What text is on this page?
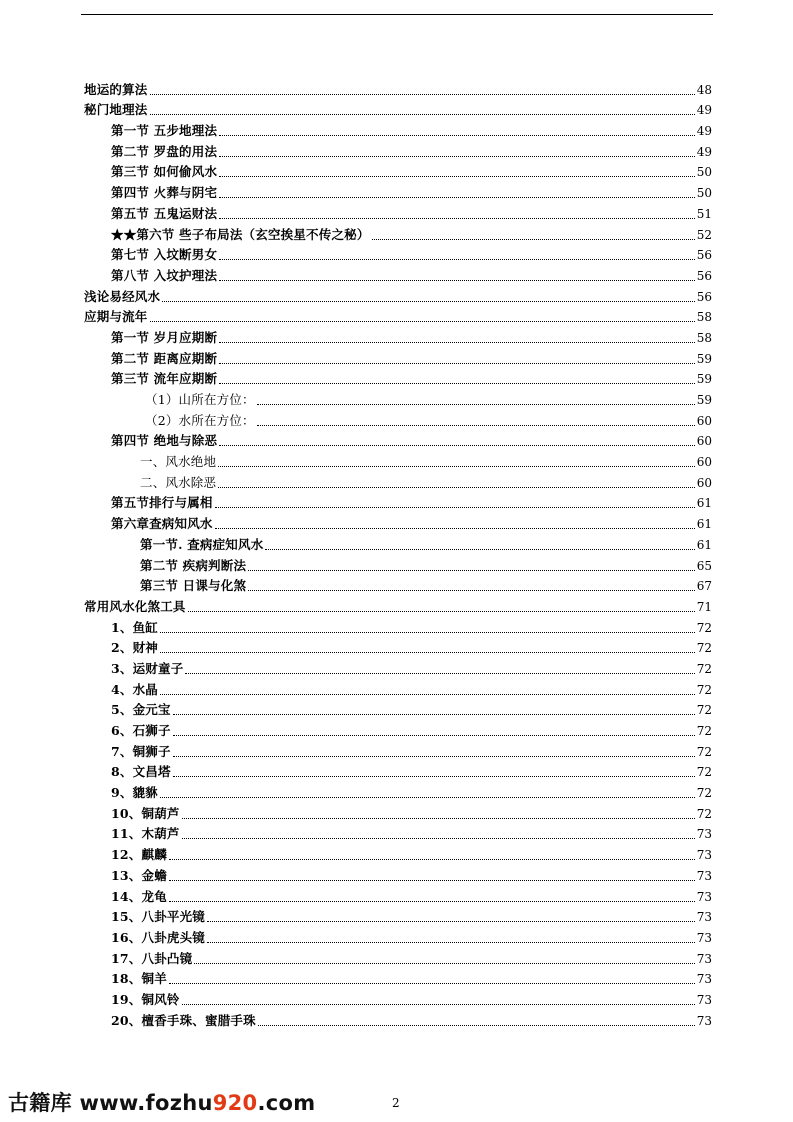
地运的算法	48
秘门地理法	49
第一节 五步地理法	49
第二节 罗盘的用法	49
第三节 如何偷风水	50
第四节 火葬与阴宅	50
第五节 五鬼运财法	51
★★第六节 些子布局法（玄空挨星不传之秘）	52
第七节 入坟断男女	56
第八节 入坟护理法	56
浅论易经风水	56
应期与流年	58
第一节 岁月应期断	58
第二节 距离应期断	59
第三节 流年应期断	59
（1）山所在方位：	59
（2）水所在方位：	60
第四节 绝地与除恶	60
一、风水绝地	60
二、风水除恶	60
第五节排行与属相	61
第六章查病知风水	61
第一节. 查病症知风水	61
第二节 疾病判断法	65
第三节 日课与化煞	67
常用风水化煞工具	71
1、鱼缸	72
2、财神	72
3、运财童子	72
4、水晶	72
5、金元宝	72
6、石狮子	72
7、铜狮子	72
8、文昌塔	72
9、貔貅	72
10、铜葫芦	72
11、木葫芦	73
12、麒麟	73
13、金蟾	73
14、龙龟	73
15、八卦平光镜	73
16、八卦虎头镜	73
17、八卦凸镜	73
18、铜羊	73
19、铜风铃	73
20、檀香手珠、蜜腊手珠	73
2
古籍库 www.fozhu920.com
